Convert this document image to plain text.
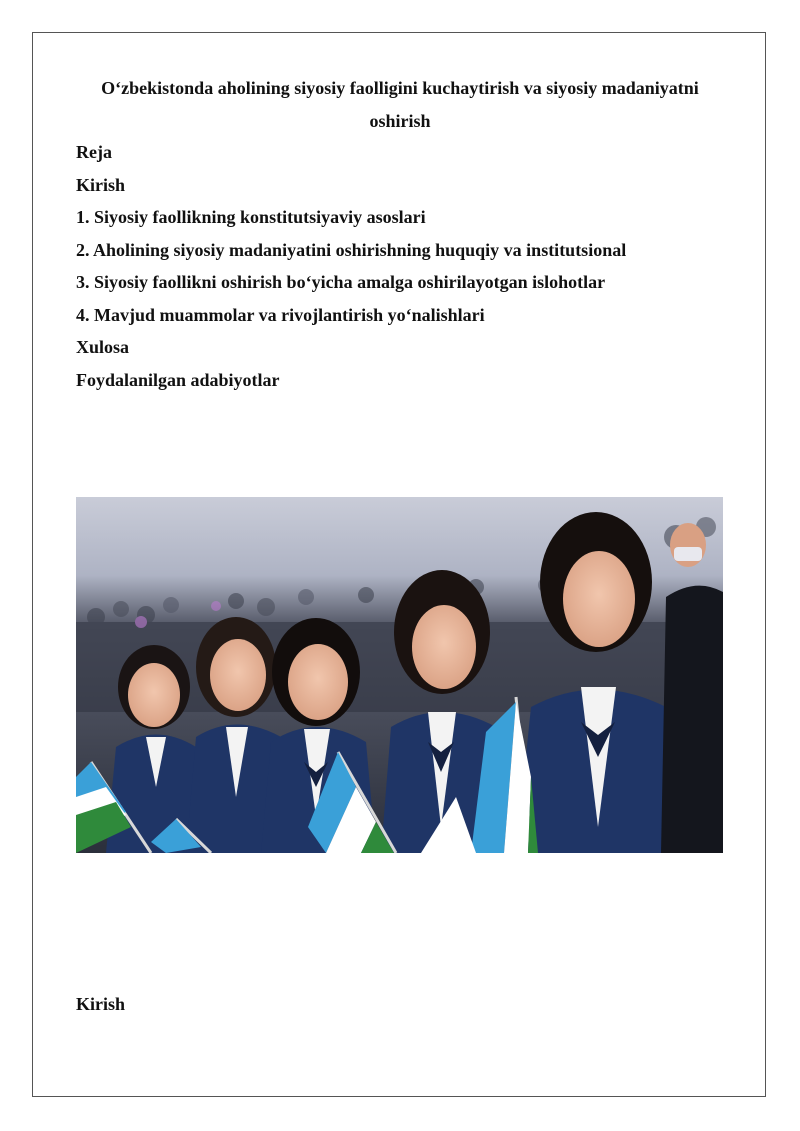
O‘zbekistonda aholining siyosiy faolligini kuchaytirish va siyosiy madaniyatni oshirish
Reja
Kirish
1. Siyosiy faollikning konstitutsiyaviy asoslari
2. Aholining siyosiy madaniyatini oshirishning huquqiy va institutsional
3. Siyosiy faollikni oshirish bo‘yicha amalga oshirilayotgan islohotlar
4. Mavjud muammolar va rivojlantirish yo‘nalishlari
Xulosa
Foydalanilgan adabiyotlar
Kirish
